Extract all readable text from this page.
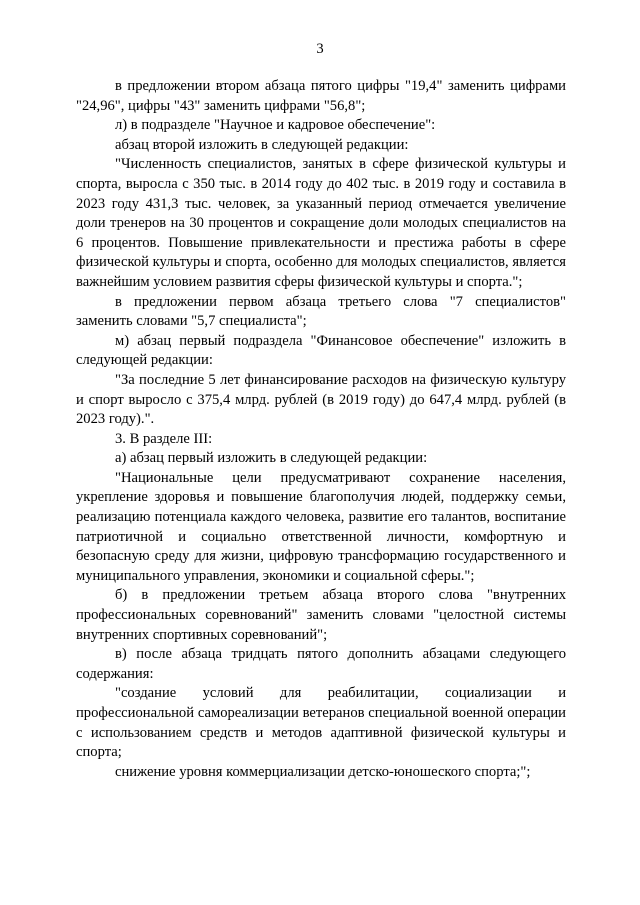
3

в предложении втором абзаца пятого цифры "19,4" заменить цифрами "24,96", цифры "43" заменить цифрами "56,8";

л) в подразделе "Научное и кадровое обеспечение":

абзац второй изложить в следующей редакции:

"Численность специалистов, занятых в сфере физической культуры и спорта, выросла с 350 тыс. в 2014 году до 402 тыс. в 2019 году и составила в 2023 году 431,3 тыс. человек, за указанный период отмечается увеличение доли тренеров на 30 процентов и сокращение доли молодых специалистов на 6 процентов. Повышение привлекательности и престижа работы в сфере физической культуры и спорта, особенно для молодых специалистов, является важнейшим условием развития сферы физической культуры и спорта.";

в предложении первом абзаца третьего слова "7 специалистов" заменить словами "5,7 специалиста";

м) абзац первый подраздела "Финансовое обеспечение" изложить в следующей редакции:

"За последние 5 лет финансирование расходов на физическую культуру и спорт выросло с 375,4 млрд. рублей (в 2019 году) до 647,4 млрд. рублей (в 2023 году).".

3. В разделе III:

а) абзац первый изложить в следующей редакции:

"Национальные цели предусматривают сохранение населения, укрепление здоровья и повышение благополучия людей, поддержку семьи, реализацию потенциала каждого человека, развитие его талантов, воспитание патриотичной и социально ответственной личности, комфортную и безопасную среду для жизни, цифровую трансформацию государственного и муниципального управления, экономики и социальной сферы.";

б) в предложении третьем абзаца второго слова "внутренних профессиональных соревнований" заменить словами "целостной системы внутренних спортивных соревнований";

в) после абзаца тридцать пятого дополнить абзацами следующего содержания:

"создание условий для реабилитации, социализации и профессиональной самореализации ветеранов специальной военной операции с использованием средств и методов адаптивной физической культуры и спорта;

снижение уровня коммерциализации детско-юношеского спорта;";
